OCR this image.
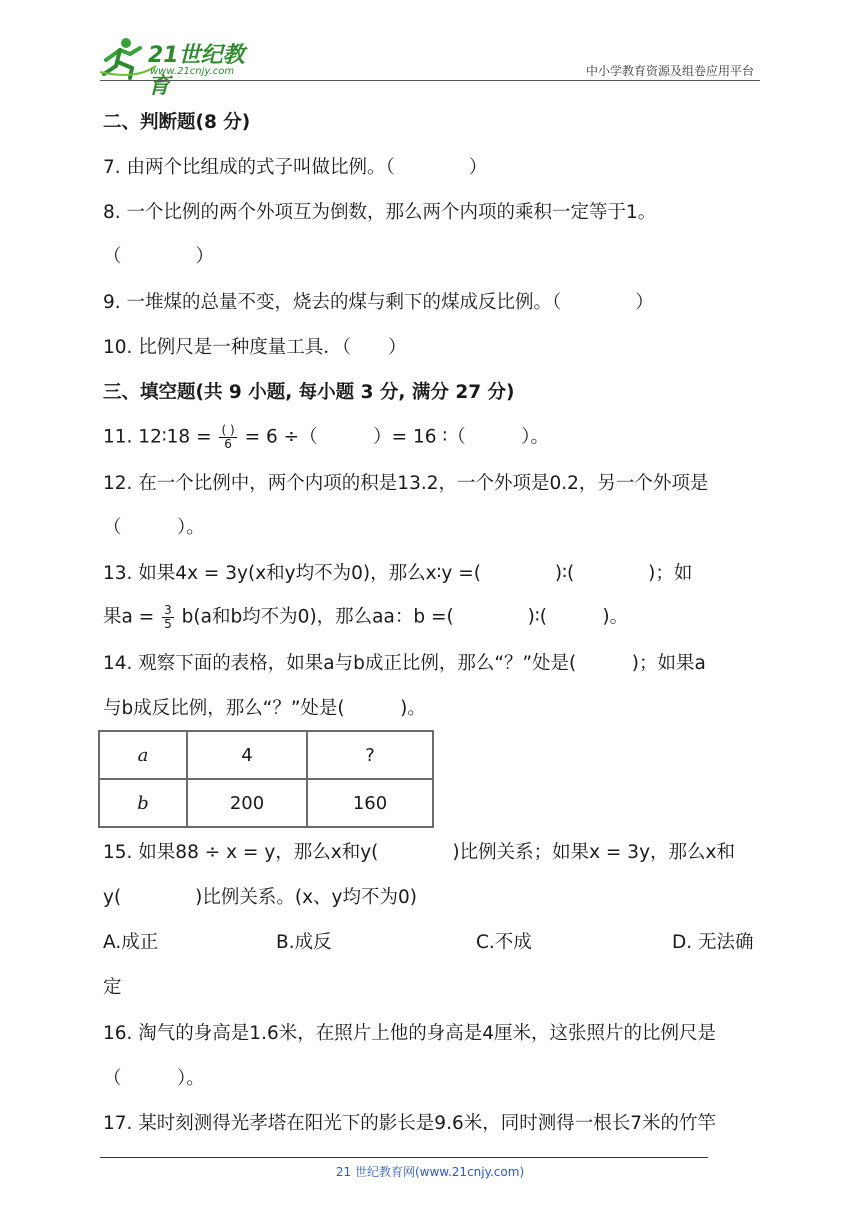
21世纪教育
www.21cnjy.com	中小学教育资源及组卷应用平台
二、判断题(8 分)
7. 由两个比组成的式子叫做比例。（　　　　）
8. 一个比例的两个外项互为倒数，那么两个内项的乘积一定等于1。
（　　　　）
9. 一堆煤的总量不变，烧去的煤与剩下的煤成反比例。（　　　　）
10. 比例尺是一种度量工具．（　　）
三、填空题(共 9 小题, 每小题 3 分, 满分 27 分)
11. 12∶18 = $\frac{( )}{6} = 6$ ÷（　　　）= 16 ∶（　　　）。
12. 在一个比例中，两个内项的积是13.2，一个外项是0.2，另一个外项是
（　　　）。
13. 如果4x = 3y(x和y均不为0)，那么x∶y =(　　　　)∶(　　　　)；如
果$a = \frac{3}{5} b(a$和b均不为0)，那么aa：b =(　　　　)∶(　　　)。
14. 观察下面的表格，如果a与b成正比例，那么“？”处是(　　　)；如果a
与b成反比例，那么“？”处是(　　　)。
a	4	?
b	200	160
15. 如果88 ÷ x = y，那么x和y(　　　　)比例关系；如果x = 3y，那么x和
y(　　　　)比例关系。(x、y均不为0)
A.成正	B.成反	C.不成	D. 无法确
定
16. 淘气的身高是1.6米，在照片上他的身高是4厘米，这张照片的比例尺是
（　　　）。
17. 某时刻测得光孝塔在阳光下的影长是9.6米，同时测得一根长7米的竹竿
21 世纪教育网(www.21cnjy.com)
